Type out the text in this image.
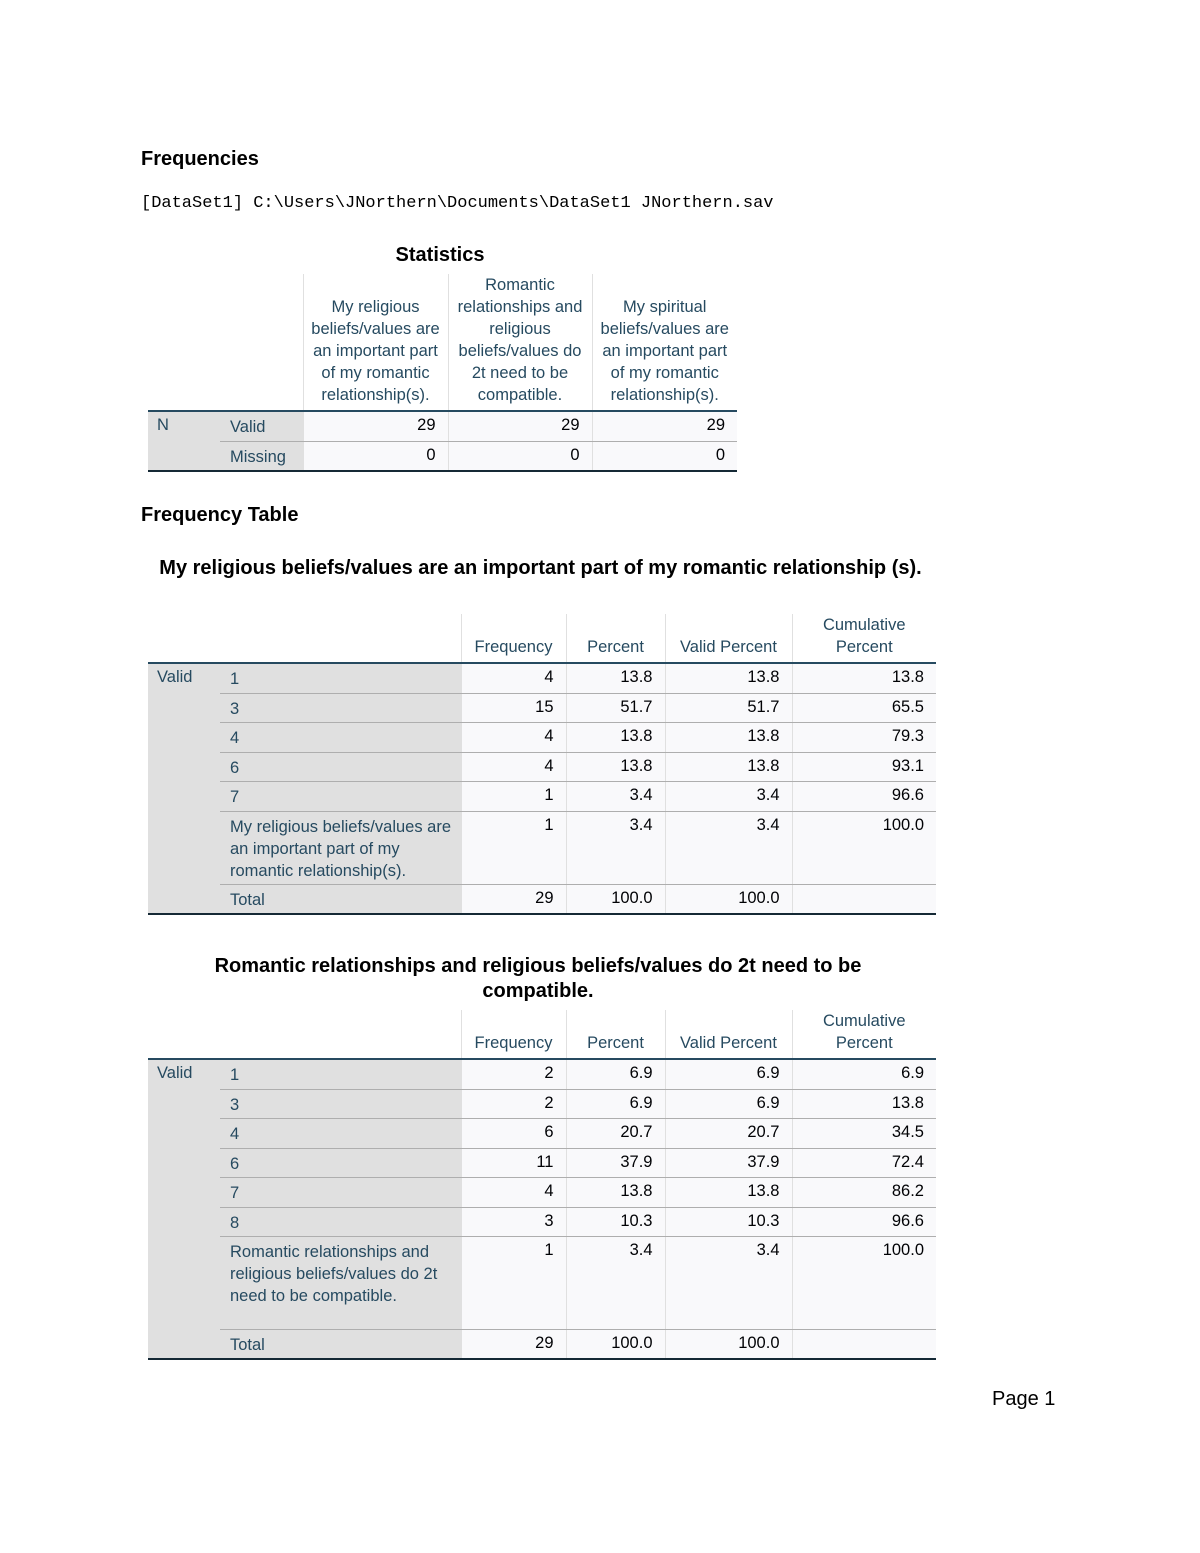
Frequencies
[DataSet1] C:\Users\JNorthern\Documents\DataSet1 JNorthern.sav
Statistics
		My religious beliefs/values are an important part of my romantic relationship(s).	Romantic relationships and religious beliefs/values do 2t need to be compatible.	My spiritual beliefs/values are an important part of my romantic relationship(s).
N	Valid	29	29	29
	Missing	0	0	0
Frequency Table
My religious beliefs/values are an important part of my romantic relationship (s).
		Frequency	Percent	Valid Percent	Cumulative Percent
Valid	1	4	13.8	13.8	13.8
	3	15	51.7	51.7	65.5
	4	4	13.8	13.8	79.3
	6	4	13.8	13.8	93.1
	7	1	3.4	3.4	96.6
	My religious beliefs/values are an important part of my romantic relationship(s).	1	3.4	3.4	100.0
	Total	29	100.0	100.0	
Romantic relationships and religious beliefs/values do 2t need to be compatible.
		Frequency	Percent	Valid Percent	Cumulative Percent
Valid	1	2	6.9	6.9	6.9
	3	2	6.9	6.9	13.8
	4	6	20.7	20.7	34.5
	6	11	37.9	37.9	72.4
	7	4	13.8	13.8	86.2
	8	3	10.3	10.3	96.6
	Romantic relationships and religious beliefs/values do 2t need to be compatible.	1	3.4	3.4	100.0
	Total	29	100.0	100.0	
Page 1
